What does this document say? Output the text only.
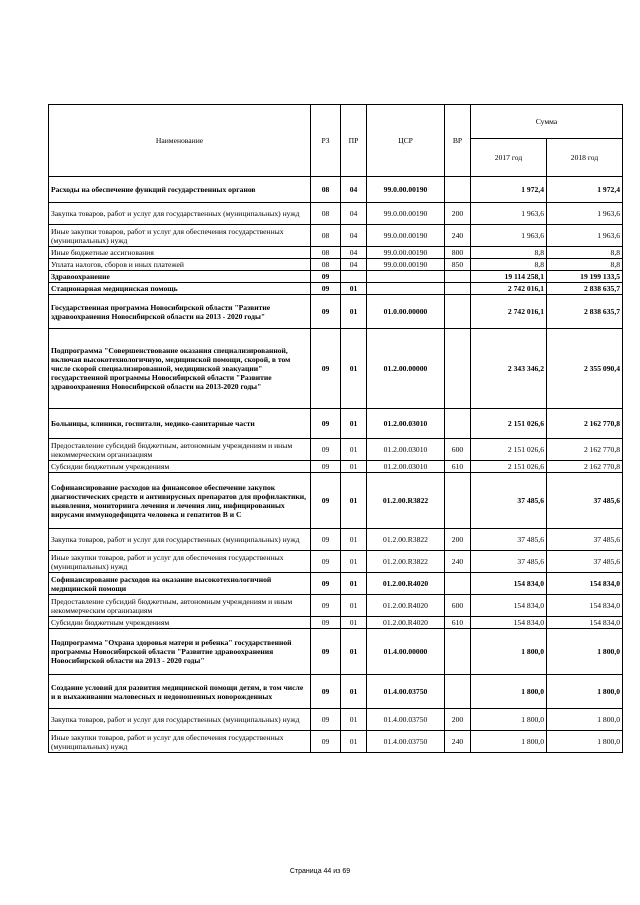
Наименование	РЗ	ПР	ЦСР	ВР	Сумма	
					2017 год	2018 год
Расходы на обеспечение функций государственных органов	08	04	99.0.00.00190		1 972,4	1 972,4
Закупка товаров, работ и услуг для государственных (муниципальных) нужд	08	04	99.0.00.00190	200	1 963,6	1 963,6
Иные закупки товаров, работ и услуг для обеспечения государственных (муниципальных) нужд	08	04	99.0.00.00190	240	1 963,6	1 963,6
Иные бюджетные ассигнования	08	04	99.0.00.00190	800	8,8	8,8
Уплата налогов, сборов и иных платежей	08	04	99.0.00.00190	850	8,8	8,8
Здравоохранение	09				19 114 258,1	19 199 133,5
Стационарная медицинская помощь	09	01			2 742 016,1	2 838 635,7
Государственная программа Новосибирской области "Развитие здравоохранения Новосибирской области на 2013 - 2020 годы"	09	01	01.0.00.00000		2 742 016,1	2 838 635,7
Подпрограмма "Совершенствование оказания специализированной, включая высокотехнологичную, медицинской помощи, скорой, в том числе скорой специализированной, медицинской эвакуации" государственной программы Новосибирской области "Развитие здравоохранения Новосибирской области на 2013-2020 годы"	09	01	01.2.00.00000		2 343 346,2	2 355 090,4
Больницы, клиники, госпитали, медико-санитарные части	09	01	01.2.00.03010		2 151 026,6	2 162 770,8
Предоставление субсидий бюджетным, автономным учреждениям и иным некоммерческим организациям	09	01	01.2.00.03010	600	2 151 026,6	2 162 770,8
Субсидии бюджетным учреждениям	09	01	01.2.00.03010	610	2 151 026,6	2 162 770,8
Софинансирование расходов на финансовое обеспечение закупок диагностических средств и антивирусных препаратов для профилактики, выявления, мониторинга лечения и лечения лиц, инфицированных вирусами иммунодефицита человека и гепатитов В и С	09	01	01.2.00.R3822		37 485,6	37 485,6
Закупка товаров, работ и услуг для государственных (муниципальных) нужд	09	01	01.2.00.R3822	200	37 485,6	37 485,6
Иные закупки товаров, работ и услуг для обеспечения государственных (муниципальных) нужд	09	01	01.2.00.R3822	240	37 485,6	37 485,6
Софинансирование расходов на оказание высокотехнологичной медицинской помощи	09	01	01.2.00.R4020		154 834,0	154 834,0
Предоставление субсидий бюджетным, автономным учреждениям и иным некоммерческим организациям	09	01	01.2.00.R4020	600	154 834,0	154 834,0
Субсидии бюджетным учреждениям	09	01	01.2.00.R4020	610	154 834,0	154 834,0
Подпрограмма "Охрана здоровья матери и ребенка" государственной программы Новосибирской области "Развитие здравоохранения Новосибирской области на 2013 - 2020 годы"	09	01	01.4.00.00000		1 800,0	1 800,0
Создание условий для развития медицинской помощи детям, в том числе и в выхаживании маловесных и недоношенных новорожденных	09	01	01.4.00.03750		1 800,0	1 800,0
Закупка товаров, работ и услуг для государственных (муниципальных) нужд	09	01	01.4.00.03750	200	1 800,0	1 800,0
Иные закупки товаров, работ и услуг для обеспечения государственных (муниципальных) нужд	09	01	01.4.00.03750	240	1 800,0	1 800,0
Страница 44 из 69
